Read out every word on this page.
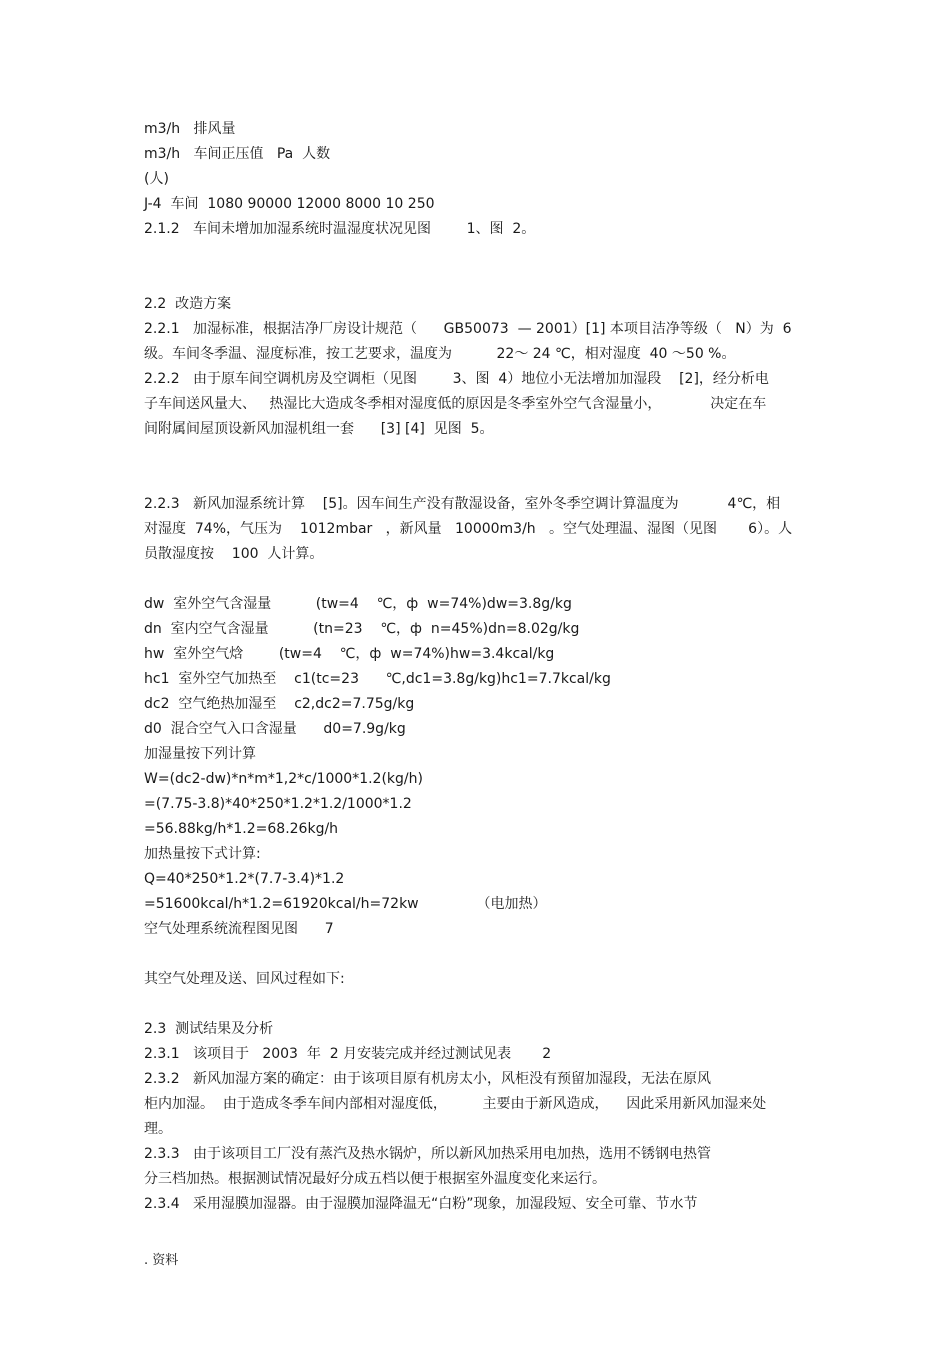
m3/h   排风量
m3/h   车间正压值   Pa  人数
(人)
J-4  车间  1080 90000 12000 8000 10 250
2.1.2   车间未增加加湿系统时温湿度状况见图        1、图  2。
2.2  改造方案
2.2.1   加湿标准，根据洁净厂房设计规范（      GB50073  — 2001）[1] 本项目洁净等级（   N）为  6
级。车间冬季温、湿度标准，按工艺要求，温度为          22～ 24 ℃，相对湿度  40 ～50 %。
2.2.2   由于原车间空调机房及空调柜（见图        3、图  4）地位小无法增加加湿段    [2]，经分析电
子车间送风量大、   热湿比大造成冬季相对湿度低的原因是冬季室外空气含湿量小，           决定在车
间附属间屋顶设新风加湿机组一套      [3] [4]  见图  5。
2.2.3   新风加湿系统计算    [5]。因车间生产没有散湿设备，室外冬季空调计算温度为           4℃，相
对湿度  74%，气压为    1012mbar   ，新风量   10000m3/h   。空气处理温、湿图（见图       6）。人
员散湿度按    100  人计算。
dw  室外空气含湿量          (tw=4    ℃，ф  w=74%)dw=3.8g/kg
dn  室内空气含湿量          (tn=23    ℃，ф  n=45%)dn=8.02g/kg
hw  室外空气焓        (tw=4    ℃，ф  w=74%)hw=3.4kcal/kg
hc1  室外空气加热至    c1(tc=23      ℃,dc1=3.8g/kg)hc1=7.7kcal/kg
dc2  空气绝热加湿至    c2,dc2=7.75g/kg
d0  混合空气入口含湿量      d0=7.9g/kg
加湿量按下列计算
W=(dc2-dw)*n*m*1,2*c/1000*1.2(kg/h)
=(7.75-3.8)*40*250*1.2*1.2/1000*1.2
=56.88kg/h*1.2=68.26kg/h
加热量按下式计算:
Q=40*250*1.2*(7.7-3.4)*1.2
=51600kcal/h*1.2=61920kcal/h=72kw             （电加热）
空气处理系统流程图见图      7
其空气处理及送、回风过程如下:
2.3  测试结果及分析
2.3.1   该项目于   2003  年  2 月安装完成并经过测试见表       2
2.3.2   新风加湿方案的确定：由于该项目原有机房太小，风柜没有预留加湿段，无法在原风
柜内加湿。  由于造成冬季车间内部相对湿度低，        主要由于新风造成，    因此采用新风加湿来处
理。
2.3.3   由于该项目工厂没有蒸汽及热水锅炉，所以新风加热采用电加热，选用不锈钢电热管
分三档加热。根据测试情况最好分成五档以便于根据室外温度变化来运行。
2.3.4   采用湿膜加湿器。由于湿膜加湿降温无“白粉”现象，加湿段短、安全可靠、节水节
. 资料
